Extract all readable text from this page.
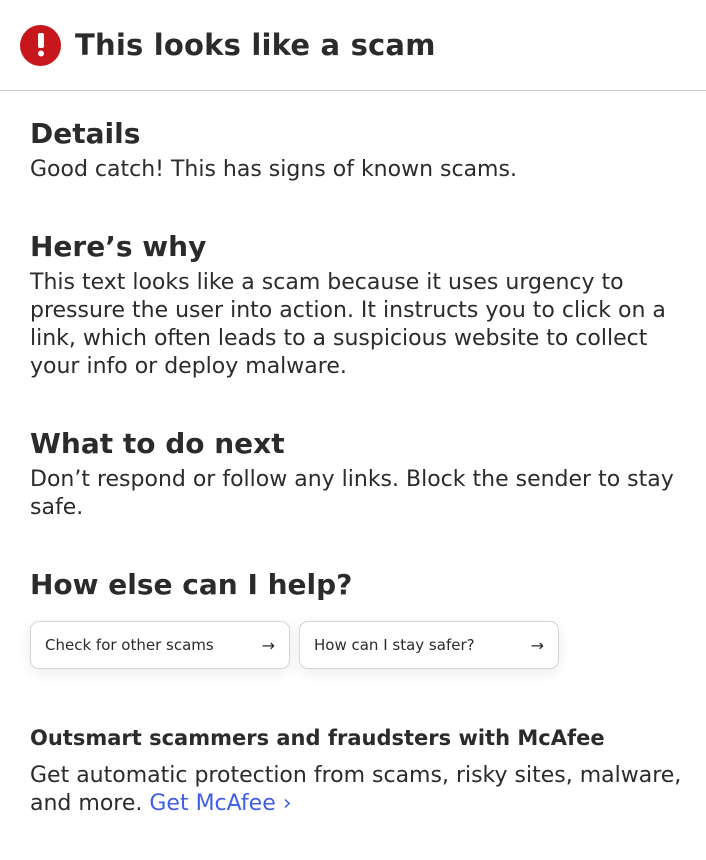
This looks like a scam
Details

Good catch! This has signs of known scams.

Here’s why

This text looks like a scam because it uses urgency to pressure the user into action. It instructs you to click on a link, which often leads to a suspicious website to collect your info or deploy malware.

What to do next

Don’t respond or follow any links. Block the sender to stay safe.

How else can I help?
Check for other scams	→	How can I stay safer?	→
Outsmart scammers and fraudsters with McAfee

Get automatic protection from scams, risky sites, malware, and more. Get McAfee ›
